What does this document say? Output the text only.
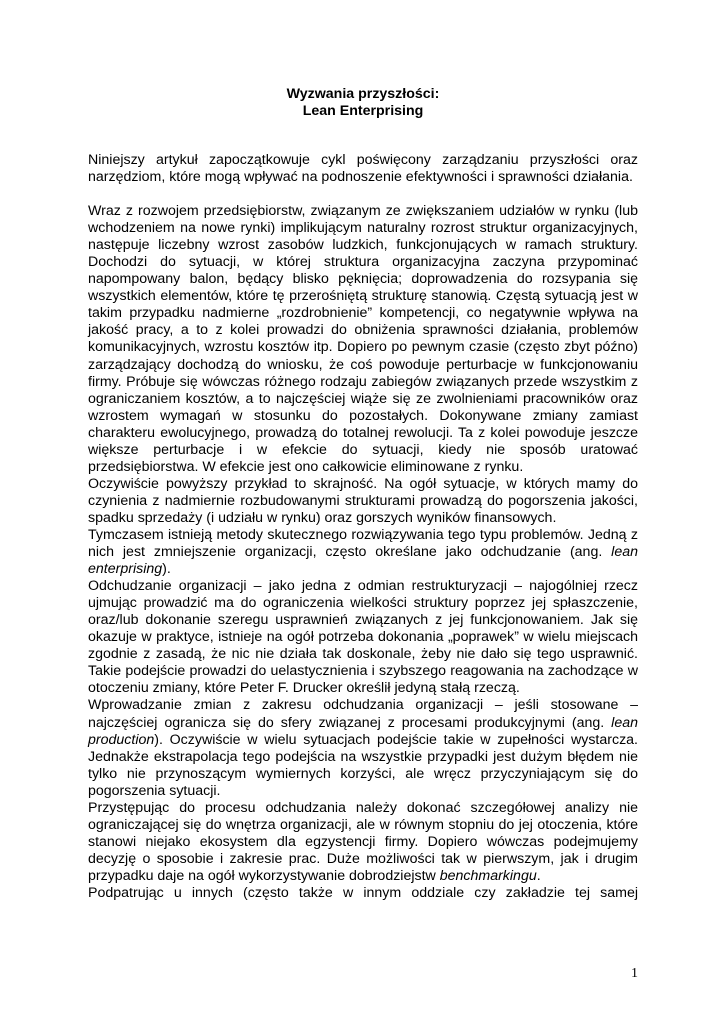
Wyzwania przyszłości:
Lean Enterprising

Niniejszy artykuł zapoczątkowuje cykl poświęcony zarządzaniu przyszłości oraz narzędziom, które mogą wpływać na podnoszenie efektywności i sprawności działania.

Wraz z rozwojem przedsiębiorstw, związanym ze zwiększaniem udziałów w rynku (lub wchodzeniem na nowe rynki) implikującym naturalny rozrost struktur organizacyjnych, następuje liczebny wzrost zasobów ludzkich, funkcjonujących w ramach struktury. Dochodzi do sytuacji, w której struktura organizacyjna zaczyna przypominać napompowany balon, będący blisko pęknięcia; doprowadzenia do rozsypania się wszystkich elementów, które tę przerośniętą strukturę stanowią. Częstą sytuacją jest w takim przypadku nadmierne „rozdrobnienie” kompetencji, co negatywnie wpływa na jakość pracy, a to z kolei prowadzi do obniżenia sprawności działania, problemów komunikacyjnych, wzrostu kosztów itp. Dopiero po pewnym czasie (często zbyt późno) zarządzający dochodzą do wniosku, że coś powoduje perturbacje w funkcjonowaniu firmy. Próbuje się wówczas różnego rodzaju zabiegów związanych przede wszystkim z ograniczaniem kosztów, a to najczęściej wiąże się ze zwolnieniami pracowników oraz wzrostem wymagań w stosunku do pozostałych. Dokonywane zmiany zamiast charakteru ewolucyjnego, prowadzą do totalnej rewolucji. Ta z kolei powoduje jeszcze większe perturbacje i w efekcie do sytuacji, kiedy nie sposób uratować przedsiębiorstwa. W efekcie jest ono całkowicie eliminowane z rynku.

Oczywiście powyższy przykład to skrajność. Na ogół sytuacje, w których mamy do czynienia z nadmiernie rozbudowanymi strukturami prowadzą do pogorszenia jakości, spadku sprzedaży (i udziału w rynku) oraz gorszych wyników finansowych.

Tymczasem istnieją metody skutecznego rozwiązywania tego typu problemów. Jedną z nich jest zmniejszenie organizacji, często określane jako odchudzanie (ang. lean enterprising).

Odchudzanie organizacji – jako jedna z odmian restrukturyzacji – najogólniej rzecz ujmując prowadzić ma do ograniczenia wielkości struktury poprzez jej spłaszczenie, oraz/lub dokonanie szeregu usprawnień związanych z jej funkcjonowaniem. Jak się okazuje w praktyce, istnieje na ogół potrzeba dokonania „poprawek” w wielu miejscach zgodnie z zasadą, że nic nie działa tak doskonale, żeby nie dało się tego usprawnić. Takie podejście prowadzi do uelastycznienia i szybszego reagowania na zachodzące w otoczeniu zmiany, które Peter F. Drucker określił jedyną stałą rzeczą.

Wprowadzanie zmian z zakresu odchudzania organizacji – jeśli stosowane – najczęściej ogranicza się do sfery związanej z procesami produkcyjnymi (ang. lean production). Oczywiście w wielu sytuacjach podejście takie w zupełności wystarcza. Jednakże ekstrapolacja tego podejścia na wszystkie przypadki jest dużym błędem nie tylko nie przynoszącym wymiernych korzyści, ale wręcz przyczyniającym się do pogorszenia sytuacji.

Przystępując do procesu odchudzania należy dokonać szczegółowej analizy nie ograniczającej się do wnętrza organizacji, ale w równym stopniu do jej otoczenia, które stanowi niejako ekosystem dla egzystencji firmy. Dopiero wówczas podejmujemy decyzję o sposobie i zakresie prac. Duże możliwości tak w pierwszym, jak i drugim przypadku daje na ogół wykorzystywanie dobrodziejstw benchmarkingu.

Podpatrując u innych (często także w innym oddziale czy zakładzie tej samej

1
